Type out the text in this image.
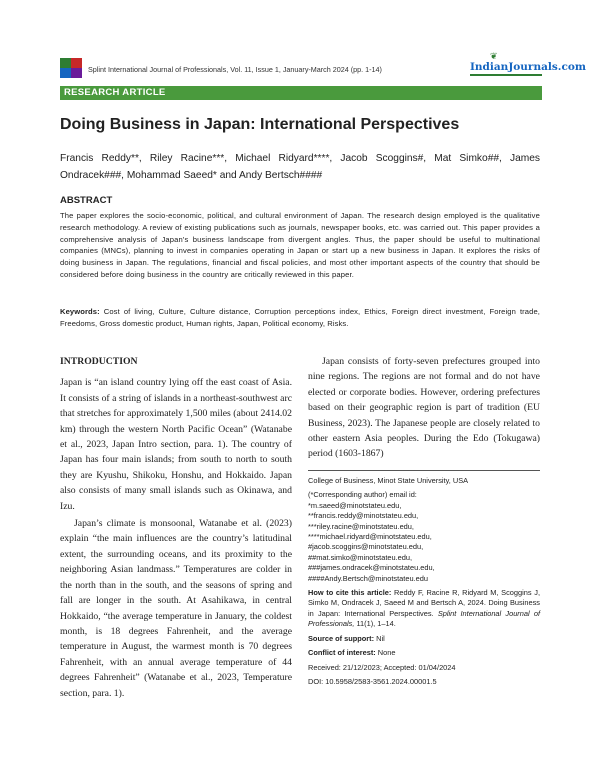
Splint International Journal of Professionals, Vol. 11, Issue 1, January-March 2024 (pp. 1-14)
❦
IndianJournals.com
RESEARCH ARTICLE
Doing Business in Japan: International Perspectives
Francis Reddy**, Riley Racine***, Michael Ridyard****, Jacob Scoggins#, Mat Simko##, James Ondracek###, Mohammad Saeed* and Andy Bertsch####
ABSTRACT
The paper explores the socio-economic, political, and cultural environment of Japan. The research design employed is the qualitative research methodology. A review of existing publications such as journals, newspaper books, etc. was carried out. This paper provides a comprehensive analysis of Japan's business landscape from divergent angles. Thus, the paper should be useful to multinational companies (MNCs), planning to invest in companies operating in Japan or start up a new business in Japan. It explores the risks of doing business in Japan. The regulations, financial and fiscal policies, and most other important aspects of the country that should be considered before doing business in the country are critically reviewed in this paper.
Keywords: Cost of living, Culture, Culture distance, Corruption perceptions index, Ethics, Foreign direct investment, Foreign trade, Freedoms, Gross domestic product, Human rights, Japan, Political economy, Risks.
INTRODUCTION

Japan is “an island country lying off the east coast of Asia. It consists of a string of islands in a northeast-southwest arc that stretches for approximately 1,500 miles (about 2414.02 km) through the western North Pacific Ocean” (Watanabe et al., 2023, Japan Intro section, para. 1). The country of Japan has four main islands; from south to north to south they are Kyushu, Shikoku, Honshu, and Hokkaido. Japan also consists of many small islands such as Okinawa, and Izu.

Japan’s climate is monsoonal, Watanabe et al. (2023) explain “the main influences are the country’s latitudinal extent, the surrounding oceans, and its proximity to the neighboring Asian landmass.” Temperatures are colder in the north than in the south, and the seasons of spring and fall are longer in the south. At Asahikawa, in central Hokkaido, “the average temperature in January, the coldest month, is 18 degrees Fahrenheit, and the average temperature in August, the warmest month is 70 degrees Fahrenheit, with an annual average temperature of 44 degrees Fahrenheit” (Watanabe et al., 2023, Temperature section, para. 1).

Japan consists of forty-seven prefectures grouped into nine regions. The regions are not formal and do not have elected or corporate bodies. However, ordering prefectures based on their geographic region is part of tradition (EU Business, 2023). The Japanese people are closely related to other eastern Asia peoples. During the Edo (Tokugawa) period (1603-1867)
College of Business, Minot State University, USA
(*Corresponding author) email id:
*m.saeed@minotstateu.edu,
**francis.reddy@minotstateu.edu,
***riley.racine@minotstateu.edu,
****michael.ridyard@minotstateu.edu,
#jacob.scoggins@minotstateu.edu,
##mat.simko@minotstateu.edu,
###james.ondracek@minotstateu.edu,
####Andy.Bertsch@minotstateu.edu
How to cite this article: Reddy F, Racine R, Ridyard M, Scoggins J, Simko M, Ondracek J, Saeed M and Bertsch A, 2024. Doing Business in Japan: International Perspectives. Splint International Journal of Professionals, 11(1), 1–14.
Source of support: Nil
Conflict of interest: None
Received: 21/12/2023; Accepted: 01/04/2024
DOI: 10.5958/2583-3561.2024.00001.5
